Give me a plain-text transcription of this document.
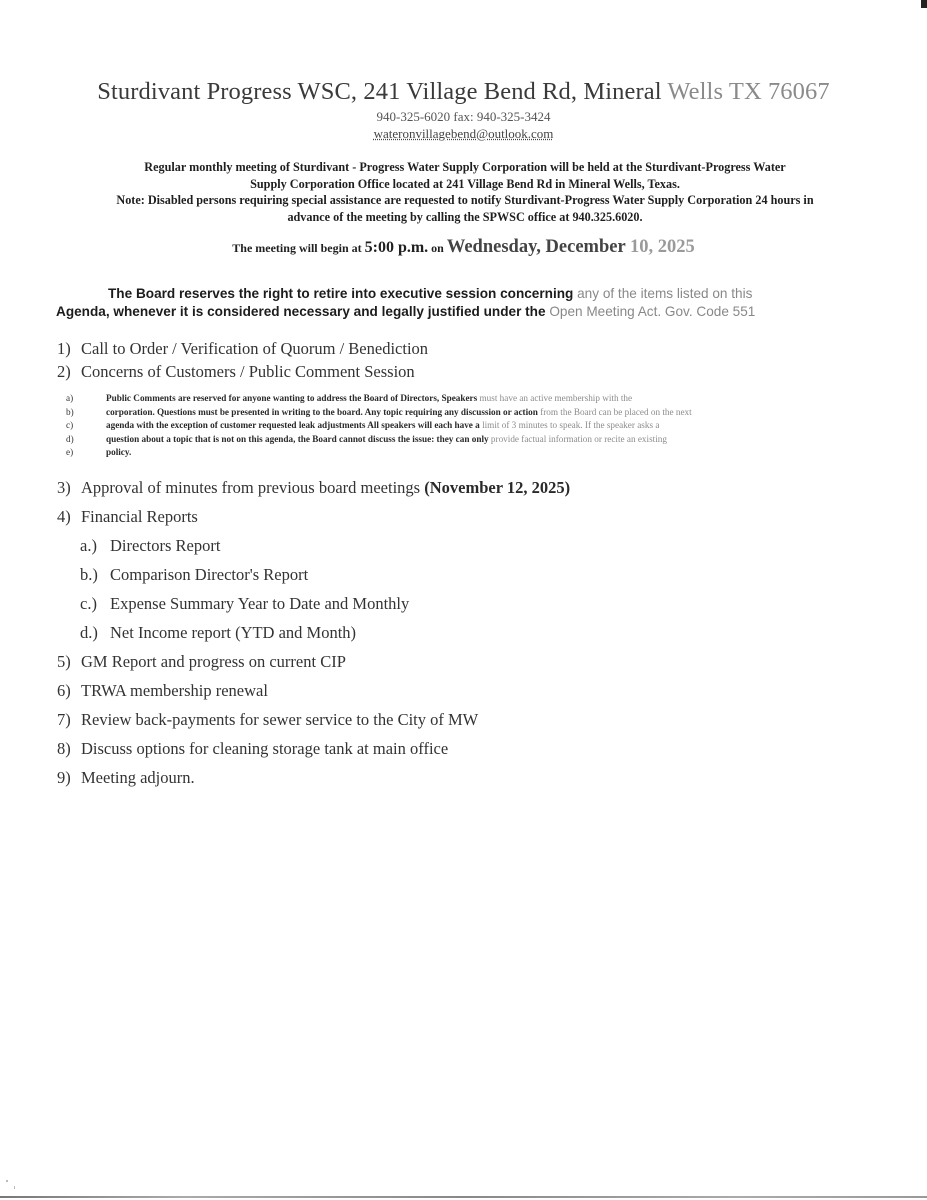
Sturdivant Progress WSC, 241 Village Bend Rd, Mineral Wells TX 76067
940-325-6020 fax: 940-325-3424
wateronvillagebend@outlook.com
Regular monthly meeting of Sturdivant - Progress Water Supply Corporation will be held at the Sturdivant-Progress Water
Supply Corporation Office located at 241 Village Bend Rd in Mineral Wells, Texas.
Note: Disabled persons requiring special assistance are requested to notify Sturdivant-Progress Water Supply Corporation 24 hours in
advance of the meeting by calling the SPWSC office at 940.325.6020.
The meeting will begin at 5:00 p.m. on Wednesday, December 10, 2025
The Board reserves the right to retire into executive session concerning any of the items listed on this
Agenda, whenever it is considered necessary and legally justified under the Open Meeting Act. Gov. Code 551
1) Call to Order / Verification of Quorum / Benediction
2) Concerns of Customers / Public Comment Session
a)	Public Comments are reserved for anyone wanting to address the Board of Directors, Speakers must have an active membership with the
b)	corporation. Questions must be presented in writing to the board. Any topic requiring any discussion or action from the Board can be placed on the next
c)	agenda with the exception of customer requested leak adjustments All speakers will each have a limit of 3 minutes to speak. If the speaker asks a
d)	question about a topic that is not on this agenda, the Board cannot discuss the issue: they can only provide factual information or recite an existing
e)	policy.
3) Approval of minutes from previous board meetings (November 12, 2025)
4) Financial Reports
a.) Directors Report
b.) Comparison Director's Report
c.) Expense Summary Year to Date and Monthly
d.) Net Income report (YTD and Month)
5) GM Report and progress on current CIP
6) TRWA membership renewal
7) Review back-payments for sewer service to the City of MW
8) Discuss options for cleaning storage tank at main office
9) Meeting adjourn.
